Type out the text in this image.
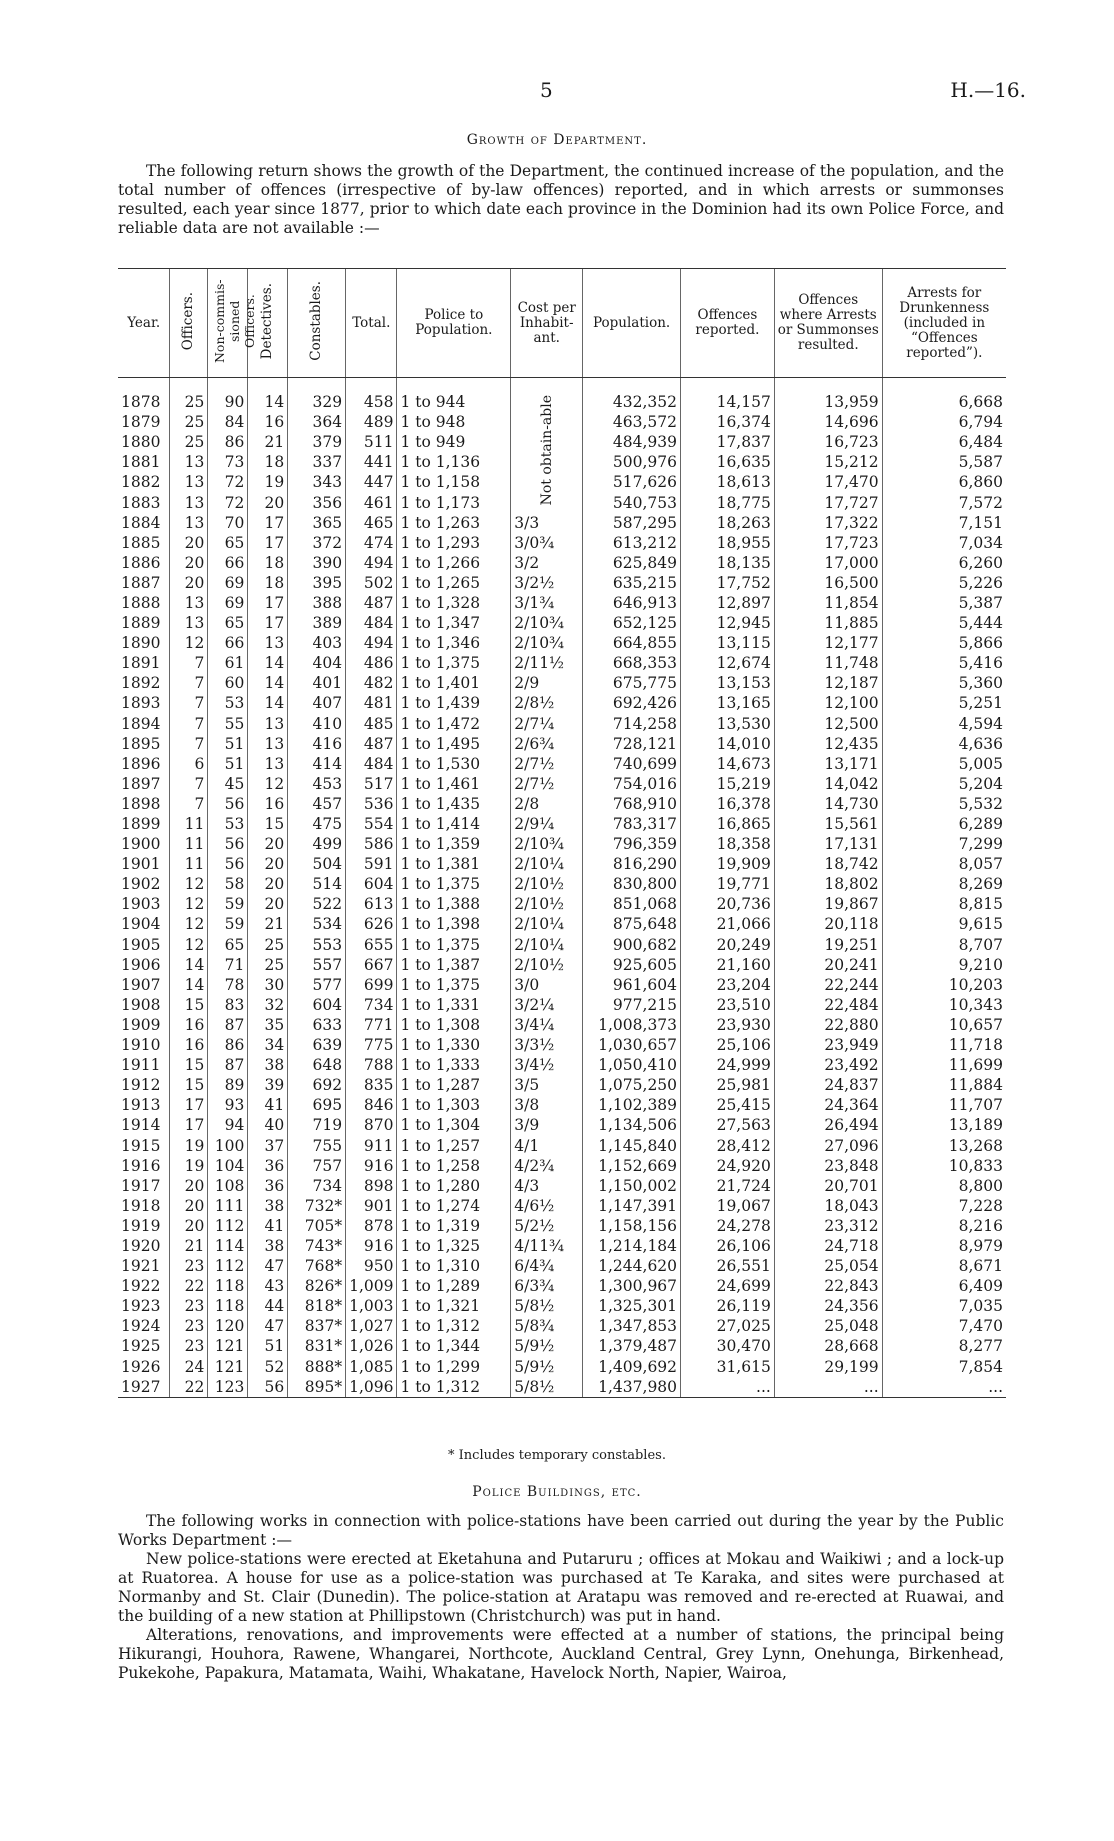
5	H.—16.
Growth of Department.

The following return shows the growth of the Department, the continued increase of the population, and the total number of offences (irrespective of by-law offences) reported, and in which arrests or summonses resulted, each year since 1877, prior to which date each province in the Dominion had its own Police Force, and reliable data are not available :—

Year.	Officers.	Non-commis-sioned Officers.	Detectives.	Constables.	Total.	Police to Population.	Cost per Inhabit-ant.	Population.	Offences reported.	Offences where Arrests or Summonses resulted.	Arrests for Drunkenness (included in “Offences reported”).

1878	25	90	14	329	458	1 to 944	Not obtain-able	432,352	14,157	13,959	6,668
1879	25	84	16	364	489	1 to 948		463,572	16,374	14,696	6,794
1880	25	86	21	379	511	1 to 949		484,939	17,837	16,723	6,484
1881	13	73	18	337	441	1 to 1,136		500,976	16,635	15,212	5,587
1882	13	72	19	343	447	1 to 1,158		517,626	18,613	17,470	6,860
1883	13	72	20	356	461	1 to 1,173		540,753	18,775	17,727	7,572
1884	13	70	17	365	465	1 to 1,263	3/3	587,295	18,263	17,322	7,151
1885	20	65	17	372	474	1 to 1,293	3/0¾	613,212	18,955	17,723	7,034
1886	20	66	18	390	494	1 to 1,266	3/2	625,849	18,135	17,000	6,260
1887	20	69	18	395	502	1 to 1,265	3/2½	635,215	17,752	16,500	5,226
1888	13	69	17	388	487	1 to 1,328	3/1¾	646,913	12,897	11,854	5,387
1889	13	65	17	389	484	1 to 1,347	2/10¾	652,125	12,945	11,885	5,444
1890	12	66	13	403	494	1 to 1,346	2/10¾	664,855	13,115	12,177	5,866
1891	7	61	14	404	486	1 to 1,375	2/11½	668,353	12,674	11,748	5,416
1892	7	60	14	401	482	1 to 1,401	2/9	675,775	13,153	12,187	5,360
1893	7	53	14	407	481	1 to 1,439	2/8½	692,426	13,165	12,100	5,251
1894	7	55	13	410	485	1 to 1,472	2/7¼	714,258	13,530	12,500	4,594
1895	7	51	13	416	487	1 to 1,495	2/6¾	728,121	14,010	12,435	4,636
1896	6	51	13	414	484	1 to 1,530	2/7½	740,699	14,673	13,171	5,005
1897	7	45	12	453	517	1 to 1,461	2/7½	754,016	15,219	14,042	5,204
1898	7	56	16	457	536	1 to 1,435	2/8	768,910	16,378	14,730	5,532
1899	11	53	15	475	554	1 to 1,414	2/9¼	783,317	16,865	15,561	6,289
1900	11	56	20	499	586	1 to 1,359	2/10¾	796,359	18,358	17,131	7,299
1901	11	56	20	504	591	1 to 1,381	2/10¼	816,290	19,909	18,742	8,057
1902	12	58	20	514	604	1 to 1,375	2/10½	830,800	19,771	18,802	8,269
1903	12	59	20	522	613	1 to 1,388	2/10½	851,068	20,736	19,867	8,815
1904	12	59	21	534	626	1 to 1,398	2/10¼	875,648	21,066	20,118	9,615
1905	12	65	25	553	655	1 to 1,375	2/10¼	900,682	20,249	19,251	8,707
1906	14	71	25	557	667	1 to 1,387	2/10½	925,605	21,160	20,241	9,210
1907	14	78	30	577	699	1 to 1,375	3/0	961,604	23,204	22,244	10,203
1908	15	83	32	604	734	1 to 1,331	3/2¼	977,215	23,510	22,484	10,343
1909	16	87	35	633	771	1 to 1,308	3/4¼	1,008,373	23,930	22,880	10,657
1910	16	86	34	639	775	1 to 1,330	3/3½	1,030,657	25,106	23,949	11,718
1911	15	87	38	648	788	1 to 1,333	3/4½	1,050,410	24,999	23,492	11,699
1912	15	89	39	692	835	1 to 1,287	3/5	1,075,250	25,981	24,837	11,884
1913	17	93	41	695	846	1 to 1,303	3/8	1,102,389	25,415	24,364	11,707
1914	17	94	40	719	870	1 to 1,304	3/9	1,134,506	27,563	26,494	13,189
1915	19	100	37	755	911	1 to 1,257	4/1	1,145,840	28,412	27,096	13,268
1916	19	104	36	757	916	1 to 1,258	4/2¾	1,152,669	24,920	23,848	10,833
1917	20	108	36	734	898	1 to 1,280	4/3	1,150,002	21,724	20,701	8,800
1918	20	111	38	732*	901	1 to 1,274	4/6½	1,147,391	19,067	18,043	7,228
1919	20	112	41	705*	878	1 to 1,319	5/2½	1,158,156	24,278	23,312	8,216
1920	21	114	38	743*	916	1 to 1,325	4/11¾	1,214,184	26,106	24,718	8,979
1921	23	112	47	768*	950	1 to 1,310	6/4¾	1,244,620	26,551	25,054	8,671
1922	22	118	43	826*	1,009	1 to 1,289	6/3¾	1,300,967	24,699	22,843	6,409
1923	23	118	44	818*	1,003	1 to 1,321	5/8½	1,325,301	26,119	24,356	7,035
1924	23	120	47	837*	1,027	1 to 1,312	5/8¾	1,347,853	27,025	25,048	7,470
1925	23	121	51	831*	1,026	1 to 1,344	5/9½	1,379,487	30,470	28,668	8,277
1926	24	121	52	888*	1,085	1 to 1,299	5/9½	1,409,692	31,615	29,199	7,854
1927	22	123	56	895*	1,096	1 to 1,312	5/8½	1,437,980	...	...	...
* Includes temporary constables.
Police Buildings, etc.

The following works in connection with police-stations have been carried out during the year by the Public Works Department :—

New police-stations were erected at Eketahuna and Putaruru ; offices at Mokau and Waikiwi ; and a lock-up at Ruatorea. A house for use as a police-station was purchased at Te Karaka, and sites were purchased at Normanby and St. Clair (Dunedin). The police-station at Aratapu was removed and re-erected at Ruawai, and the building of a new station at Phillipstown (Christchurch) was put in hand.

Alterations, renovations, and improvements were effected at a number of stations, the principal being Hikurangi, Houhora, Rawene, Whangarei, Northcote, Auckland Central, Grey Lynn, Onehunga, Birkenhead, Pukekohe, Papakura, Matamata, Waihi, Whakatane, Havelock North, Napier, Wairoa,
